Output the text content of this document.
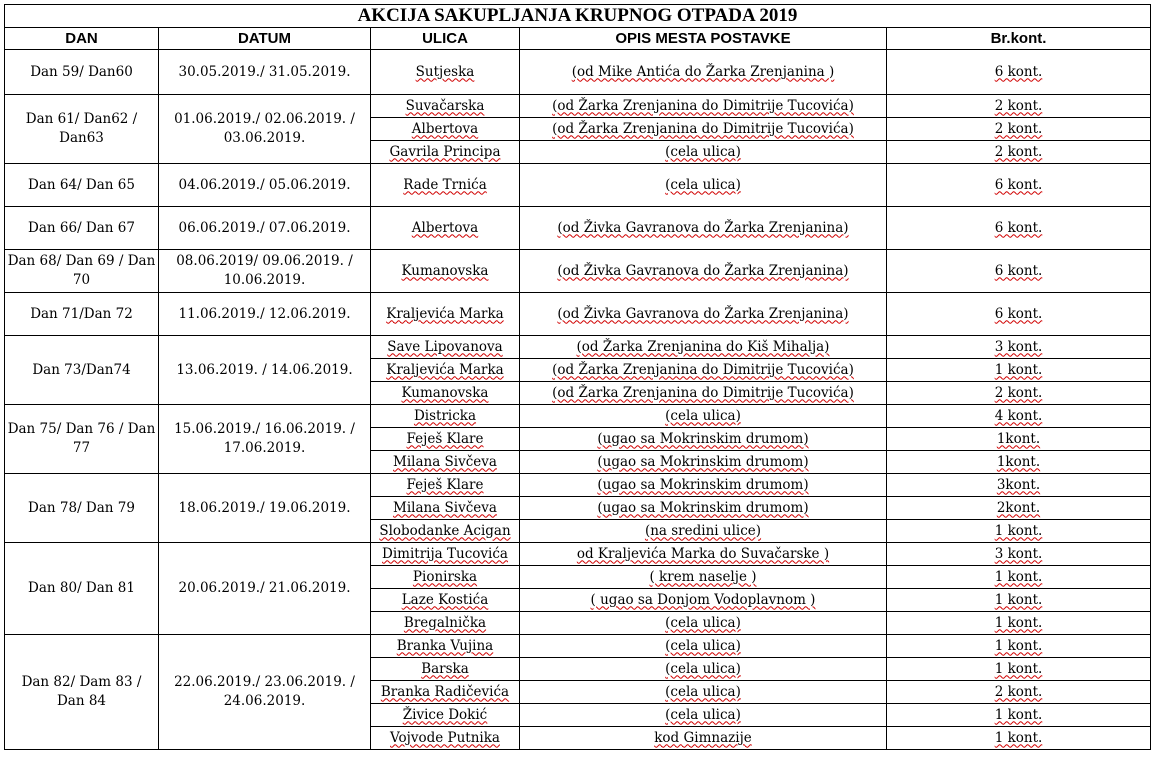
AKCIJA SAKUPLJANJA KRUPNOG OTPADA 2019				
DAN	DATUM	ULICA	OPIS MESTA POSTAVKE	Br.kont.
Dan 59/ Dan60	30.05.2019./ 31.05.2019.	Sutjeska	(od Mike Antića do Žarka Zrenjanina )	6 kont.
Dan 61/ Dan62 / Dan63	01.06.2019./ 02.06.2019. / 03.06.2019.	Suvačarska	(od Žarka Zrenjanina do Dimitrije Tucovića)	2 kont.
		Albertova	(od Žarka Zrenjanina do Dimitrije Tucovića)	2 kont.
		Gavrila Principa	(cela ulica)	2 kont.
Dan 64/ Dan 65	04.06.2019./ 05.06.2019.	Rade Trnića	(cela ulica)	6 kont.
Dan 66/ Dan 67	06.06.2019./ 07.06.2019.	Albertova	(od Živka Gavranova do Žarka Zrenjanina)	6 kont.
Dan 68/ Dan 69 / Dan 70	08.06.2019/ 09.06.2019. / 10.06.2019.	Kumanovska	(od Živka Gavranova do Žarka Zrenjanina)	6 kont.
Dan 71/Dan 72	11.06.2019./ 12.06.2019.	Kraljevića Marka	(od Živka Gavranova do Žarka Zrenjanina)	6 kont.
Dan 73/Dan74	13.06.2019. / 14.06.2019.	Save Lipovanova	(od Žarka Zrenjanina do Kiš Mihalja)	3 kont.
		Kraljevića Marka	(od Žarka Zrenjanina do Dimitrije Tucovića)	1 kont.
		Kumanovska	(od Žarka Zrenjanina do Dimitrije Tucovića)	2 kont.
Dan 75/ Dan 76 / Dan 77	15.06.2019./ 16.06.2019. / 17.06.2019.	Districka	(cela ulica)	4 kont.
		Feješ Klare	(ugao sa Mokrinskim drumom)	1kont.
		Milana Sivčeva	(ugao sa Mokrinskim drumom)	1kont.
Dan 78/ Dan 79	18.06.2019./ 19.06.2019.	Feješ Klare	(ugao sa Mokrinskim drumom)	3kont.
		Milana Sivčeva	(ugao sa Mokrinskim drumom)	2kont.
		Slobodanke Acigan	(na sredini ulice)	1 kont.
Dan 80/ Dan 81	20.06.2019./ 21.06.2019.	Dimitrija Tucovića	od Kraljevića Marka do Suvačarske )	3 kont.
		Pionirska	( krem naselje )	1 kont.
		Laze Kostića	( ugao sa Donjom Vodoplavnom )	1 kont.
		Bregalnička	(cela ulica)	1 kont.
Dan 82/ Dam 83 / Dan 84	22.06.2019./ 23.06.2019. / 24.06.2019.	Branka Vujina	(cela ulica)	1 kont.
		Barska	(cela ulica)	1 kont.
		Branka Radičevića	(cela ulica)	2 kont.
		Živice Dokić	(cela ulica)	1 kont.
		Vojvode Putnika	kod Gimnazije	1 kont.
